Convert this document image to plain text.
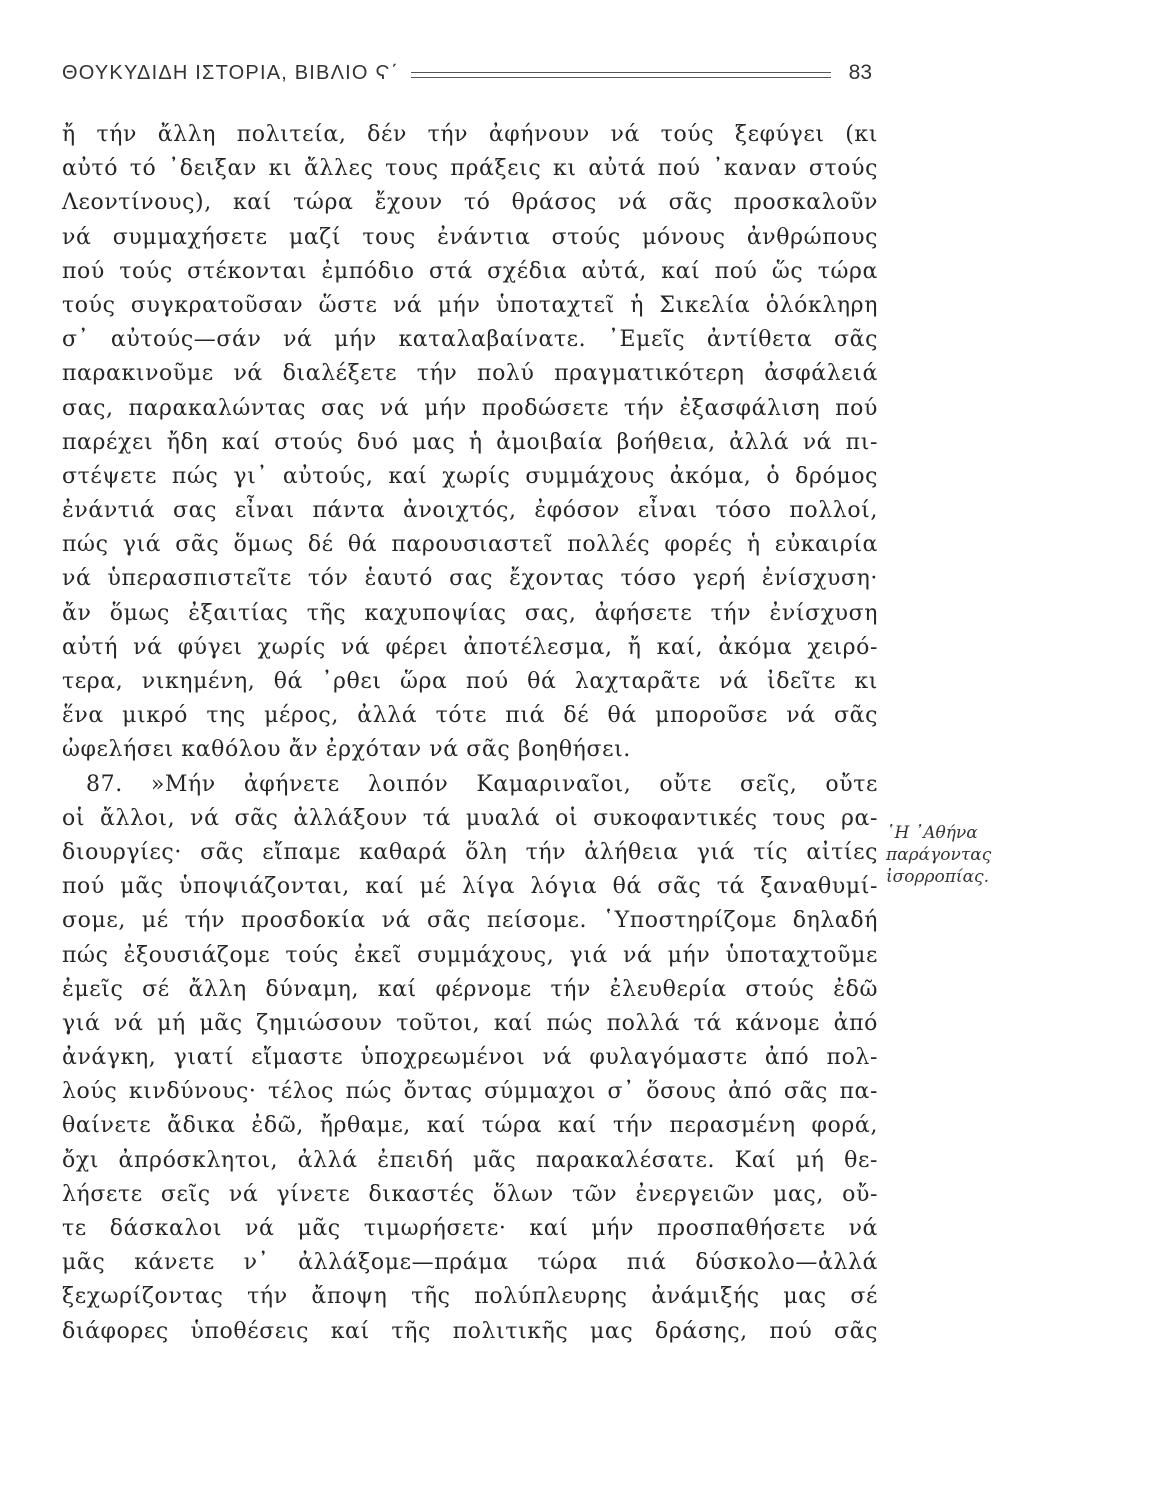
ΘΟΥΚΥΔΙΔΗ ΙΣΤΟΡΙΑ, ΒΙΒΛΙΟ Ϛ΄	83
ἤ τήν ἄλλη πολιτεία, δέν τήν ἀφήνουν νά τούς ξεφύγει (κι
αὐτό τό ᾿δειξαν κι ἄλλες τους πράξεις κι αὐτά πού ᾿καναν στούς
Λεοντίνους), καί τώρα ἔχουν τό θράσος νά σᾶς προσκαλοῦν
νά συμμαχήσετε μαζί τους ἐνάντια στούς μόνους ἀνθρώπους
πού τούς στέκονται ἐμπόδιο στά σχέδια αὐτά, καί πού ὥς τώρα
τούς συγκρατοῦσαν ὥστε νά μήν ὑποταχτεῖ ἡ Σικελία ὁλόκληρη
σ᾿ αὐτούς—σάν νά μήν καταλαβαίνατε. ᾿Εμεῖς ἀντίθετα σᾶς
παρακινοῦμε νά διαλέξετε τήν πολύ πραγματικότερη ἀσφάλειά
σας, παρακαλώντας σας νά μήν προδώσετε τήν ἐξασφάλιση πού
παρέχει ἤδη καί στούς δυό μας ἡ ἀμοιβαία βοήθεια, ἀλλά νά πι-
στέψετε πώς γι᾿ αὐτούς, καί χωρίς συμμάχους ἀκόμα, ὁ δρόμος
ἐνάντιά σας εἶναι πάντα ἀνοιχτός, ἐφόσον εἶναι τόσο πολλοί,
πώς γιά σᾶς ὅμως δέ θά παρουσιαστεῖ πολλές φορές ἡ εὐκαιρία
νά ὑπερασπιστεῖτε τόν ἑαυτό σας ἔχοντας τόσο γερή ἐνίσχυση·
ἄν ὅμως ἐξαιτίας τῆς καχυποψίας σας, ἀφήσετε τήν ἐνίσχυση
αὐτή νά φύγει χωρίς νά φέρει ἀποτέλεσμα, ἤ καί, ἀκόμα χειρό-
τερα, νικημένη, θά ᾿ρθει ὥρα πού θά λαχταρᾶτε νά ἰδεῖτε κι
ἕνα μικρό της μέρος, ἀλλά τότε πιά δέ θά μποροῦσε νά σᾶς
ὠφελήσει καθόλου ἄν ἐρχόταν νά σᾶς βοηθήσει.
87. »Μήν ἀφήνετε λοιπόν Καμαριναῖοι, οὔτε σεῖς, οὔτε
οἱ ἄλλοι, νά σᾶς ἀλλάξουν τά μυαλά οἱ συκοφαντικές τους ρα-
διουργίες· σᾶς εἴπαμε καθαρά ὅλη τήν ἀλήθεια γιά τίς αἰτίες
πού μᾶς ὑποψιάζονται, καί μέ λίγα λόγια θά σᾶς τά ξαναθυμί-
σομε, μέ τήν προσδοκία νά σᾶς πείσομε. ῾Υποστηρίζομε δηλαδή
πώς ἐξουσιάζομε τούς ἐκεῖ συμμάχους, γιά νά μήν ὑποταχτοῦμε
ἐμεῖς σέ ἄλλη δύναμη, καί φέρνομε τήν ἐλευθερία στούς ἐδῶ
γιά νά μή μᾶς ζημιώσουν τοῦτοι, καί πώς πολλά τά κάνομε ἀπό
ἀνάγκη, γιατί εἴμαστε ὑποχρεωμένοι νά φυλαγόμαστε ἀπό πολ-
λούς κινδύνους· τέλος πώς ὄντας σύμμαχοι σ᾿ ὅσους ἀπό σᾶς πα-
θαίνετε ἄδικα ἐδῶ, ἤρθαμε, καί τώρα καί τήν περασμένη φορά,
ὄχι ἀπρόσκλητοι, ἀλλά ἐπειδή μᾶς παρακαλέσατε. Καί μή θε-
λήσετε σεῖς νά γίνετε δικαστές ὅλων τῶν ἐνεργειῶν μας, οὔ-
τε δάσκαλοι νά μᾶς τιμωρήσετε· καί μήν προσπαθήσετε νά
μᾶς κάνετε ν᾿ ἀλλάξομε—πράμα τώρα πιά δύσκολο—ἀλλά
ξεχωρίζοντας τήν ἄποψη τῆς πολύπλευρης ἀνάμιξής μας σέ
διάφορες ὑποθέσεις καί τῆς πολιτικῆς μας δράσης, πού σᾶς
῾Η ᾿Αθήνα
παράγοντας
ἰσορροπίας.
